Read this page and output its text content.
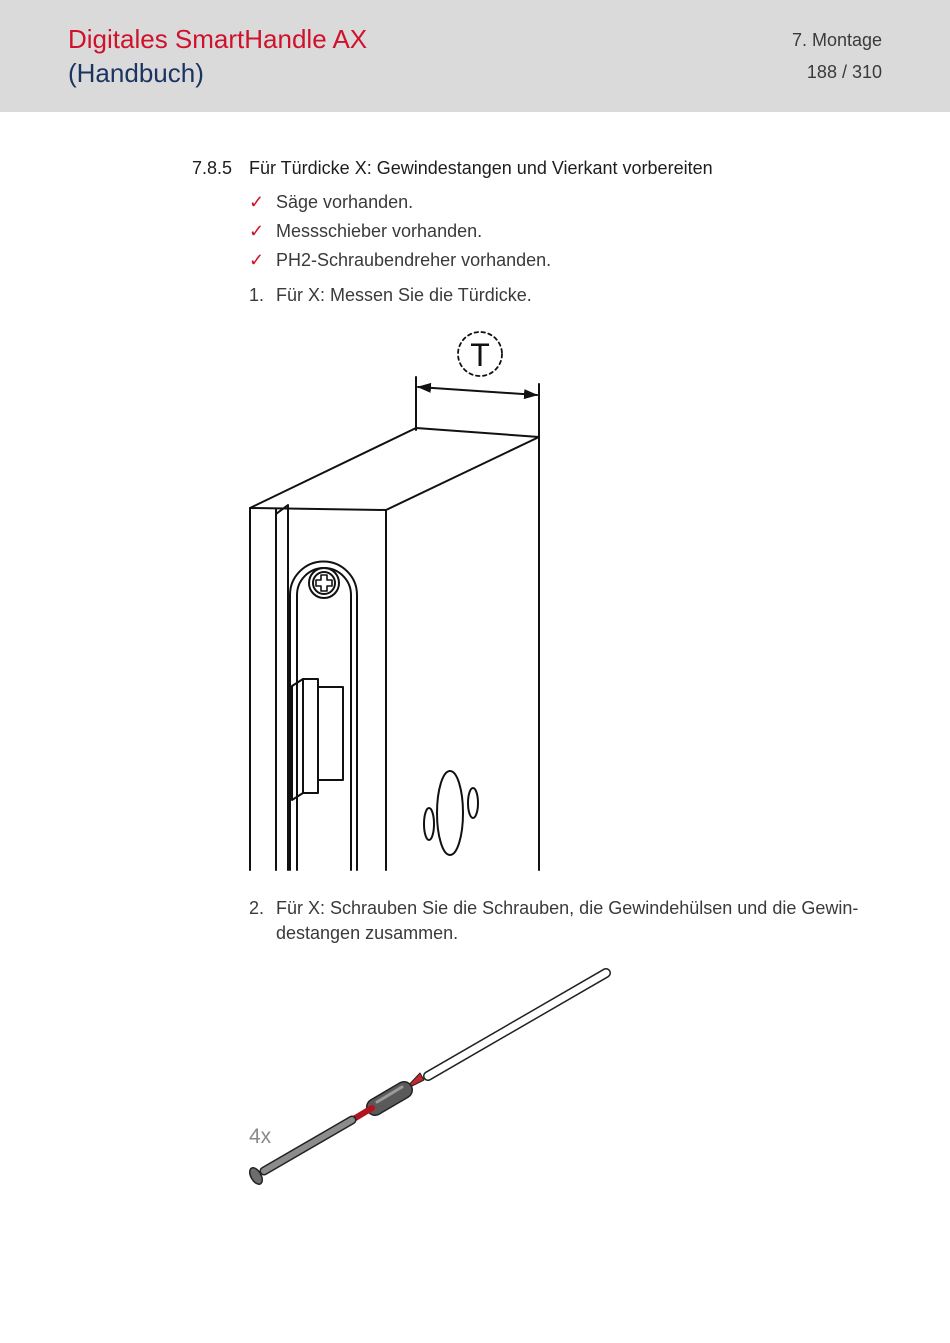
Digitales SmartHandle AX
(Handbuch)
7. Montage
188 / 310
7.8.5 Für Türdicke X: Gewindestangen und Vierkant vorbereiten
✓ Säge vorhanden.
✓ Messschieber vorhanden.
✓ PH2-Schraubendreher vorhanden.
1. Für X: Messen Sie die Türdicke.
T
2. Für X: Schrauben Sie die Schrauben, die Gewindehülsen und die Gewindestangen zusammen.
4x
